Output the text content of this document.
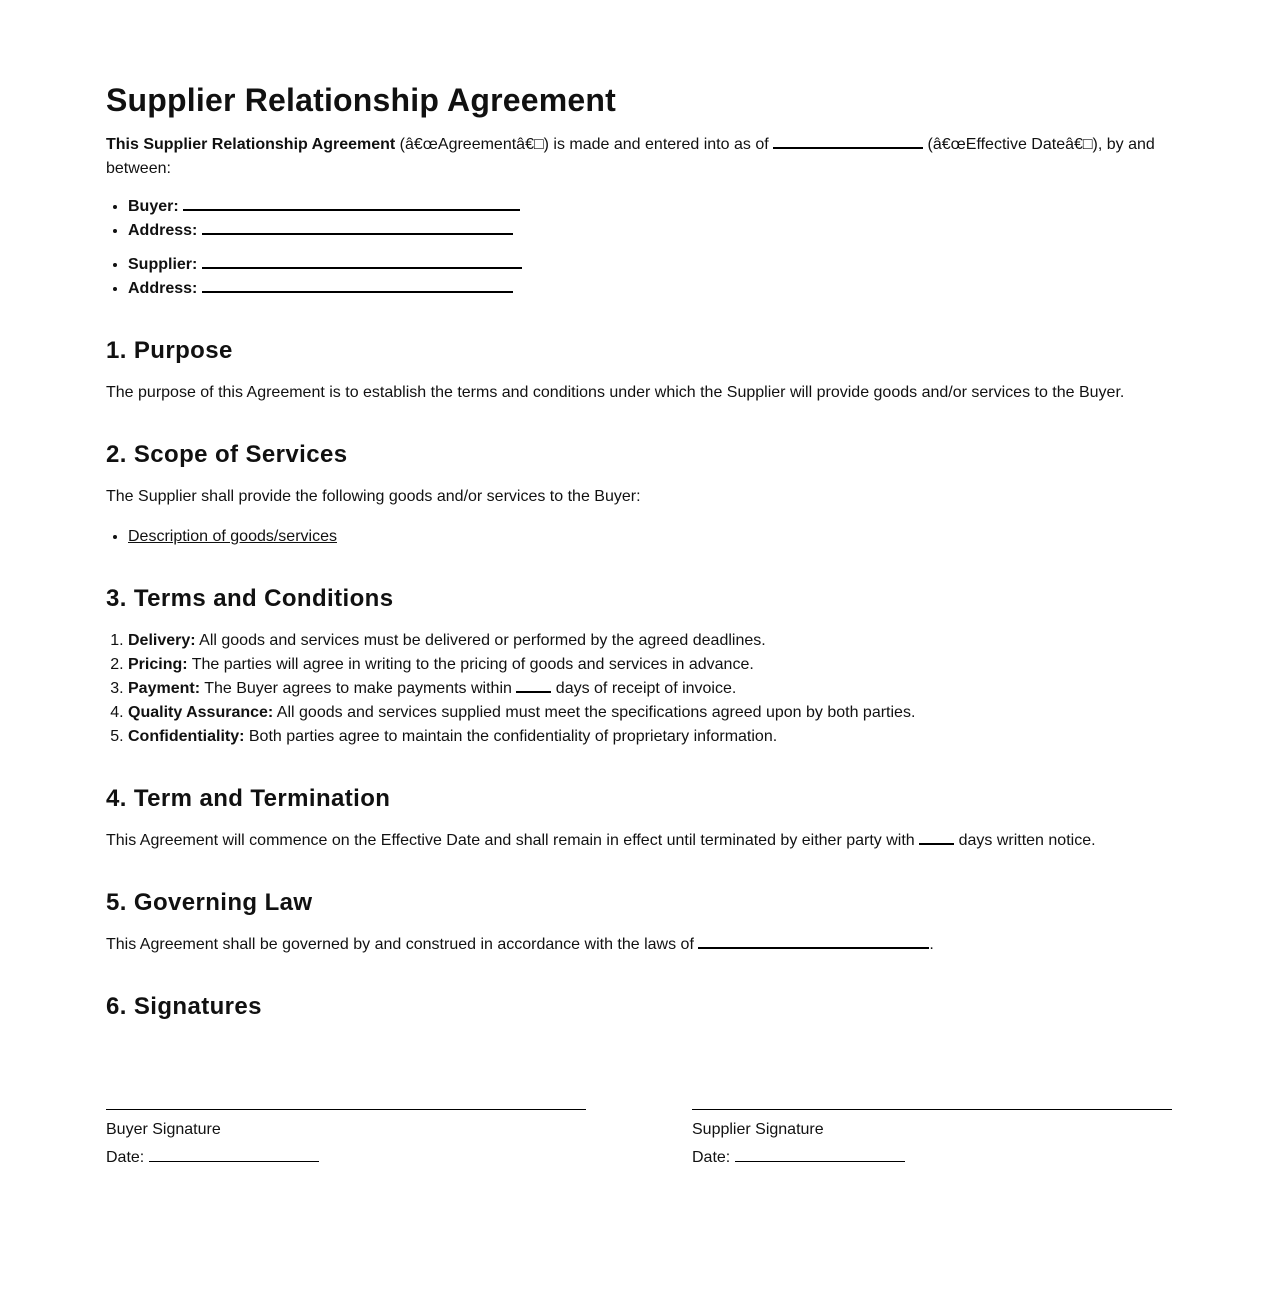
Supplier Relationship Agreement

This Supplier Relationship Agreement (â€œAgreementâ€□) is made and entered into as of	(â€œEffective Dateâ€□), by and between:

• Buyer:
• Address:
• Supplier:
• Address:
1. Purpose

The purpose of this Agreement is to establish the terms and conditions under which the Supplier will provide goods and/or services to the Buyer.

2. Scope of Services

The Supplier shall provide the following goods and/or services to the Buyer:

• Description of goods/services
3. Terms and Conditions
1. Delivery: All goods and services must be delivered or performed by the agreed deadlines.
2. Pricing: The parties will agree in writing to the pricing of goods and services in advance.
3. Payment: The Buyer agrees to make payments within  days of receipt of invoice.
4. Quality Assurance: All goods and services supplied must meet the specifications agreed upon by both parties.
5. Confidentiality: Both parties agree to maintain the confidentiality of proprietary information.
4. Term and Termination

This Agreement will commence on the Effective Date and shall remain in effect until terminated by either party with  days written notice.

5. Governing Law

This Agreement shall be governed by and construed in accordance with the laws of	.

6. Signatures
Buyer Signature
Date:
Supplier Signature
Date:
